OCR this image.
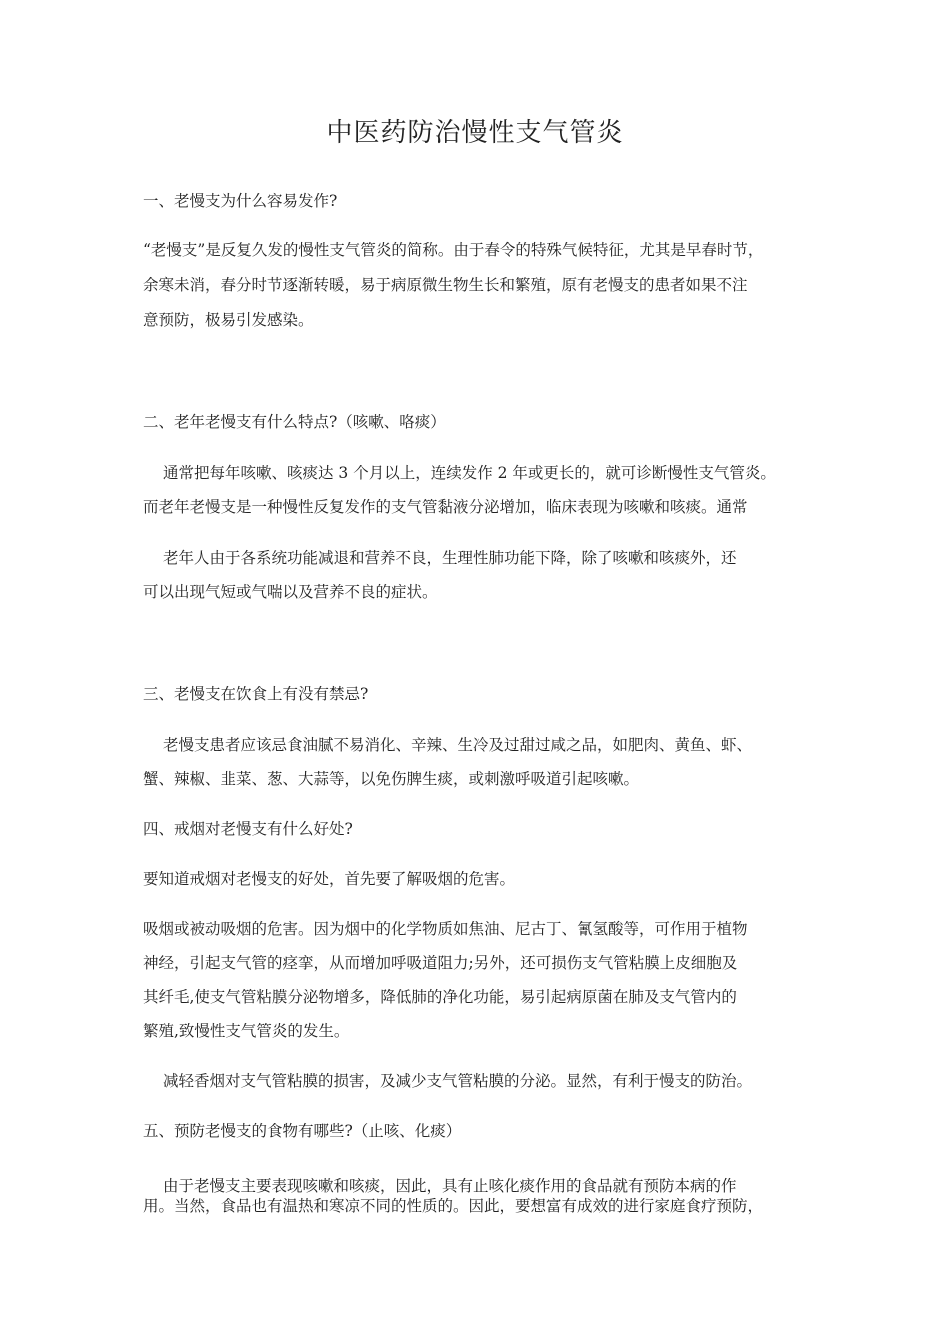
中医药防治慢性支气管炎
一、老慢支为什么容易发作?
“老慢支”是反复久发的慢性支气管炎的简称。由于春令的特殊气候特征，尤其是早春时节，
余寒未消，春分时节逐渐转暖，易于病原微生物生长和繁殖，原有老慢支的患者如果不注
意预防，极易引发感染。
二、老年老慢支有什么特点?（咳嗽、咯痰）
通常把每年咳嗽、咳痰达 3 个月以上，连续发作 2 年或更长的，就可诊断慢性支气管炎。
而老年老慢支是一种慢性反复发作的支气管黏液分泌增加，临床表现为咳嗽和咳痰。通常
老年人由于各系统功能减退和营养不良，生理性肺功能下降，除了咳嗽和咳痰外，还
可以出现气短或气喘以及营养不良的症状。
三、老慢支在饮食上有没有禁忌?
老慢支患者应该忌食油腻不易消化、辛辣、生冷及过甜过咸之品，如肥肉、黄鱼、虾、
蟹、辣椒、韭菜、葱、大蒜等，以免伤脾生痰，或刺激呼吸道引起咳嗽。
四、戒烟对老慢支有什么好处?
要知道戒烟对老慢支的好处，首先要了解吸烟的危害。
吸烟或被动吸烟的危害。因为烟中的化学物质如焦油、尼古丁、氰氢酸等，可作用于植物
神经，引起支气管的痉挛，从而增加呼吸道阻力;另外，还可损伤支气管粘膜上皮细胞及
其纤毛,使支气管粘膜分泌物增多，降低肺的净化功能，易引起病原菌在肺及支气管内的
繁殖,致慢性支气管炎的发生。
减轻香烟对支气管粘膜的损害，及减少支气管粘膜的分泌。显然，有利于慢支的防治。
五、预防老慢支的食物有哪些?（止咳、化痰）
由于老慢支主要表现咳嗽和咳痰，因此，具有止咳化痰作用的食品就有预防本病的作
用。当然，食品也有温热和寒凉不同的性质的。因此，要想富有成效的进行家庭食疗预防，
